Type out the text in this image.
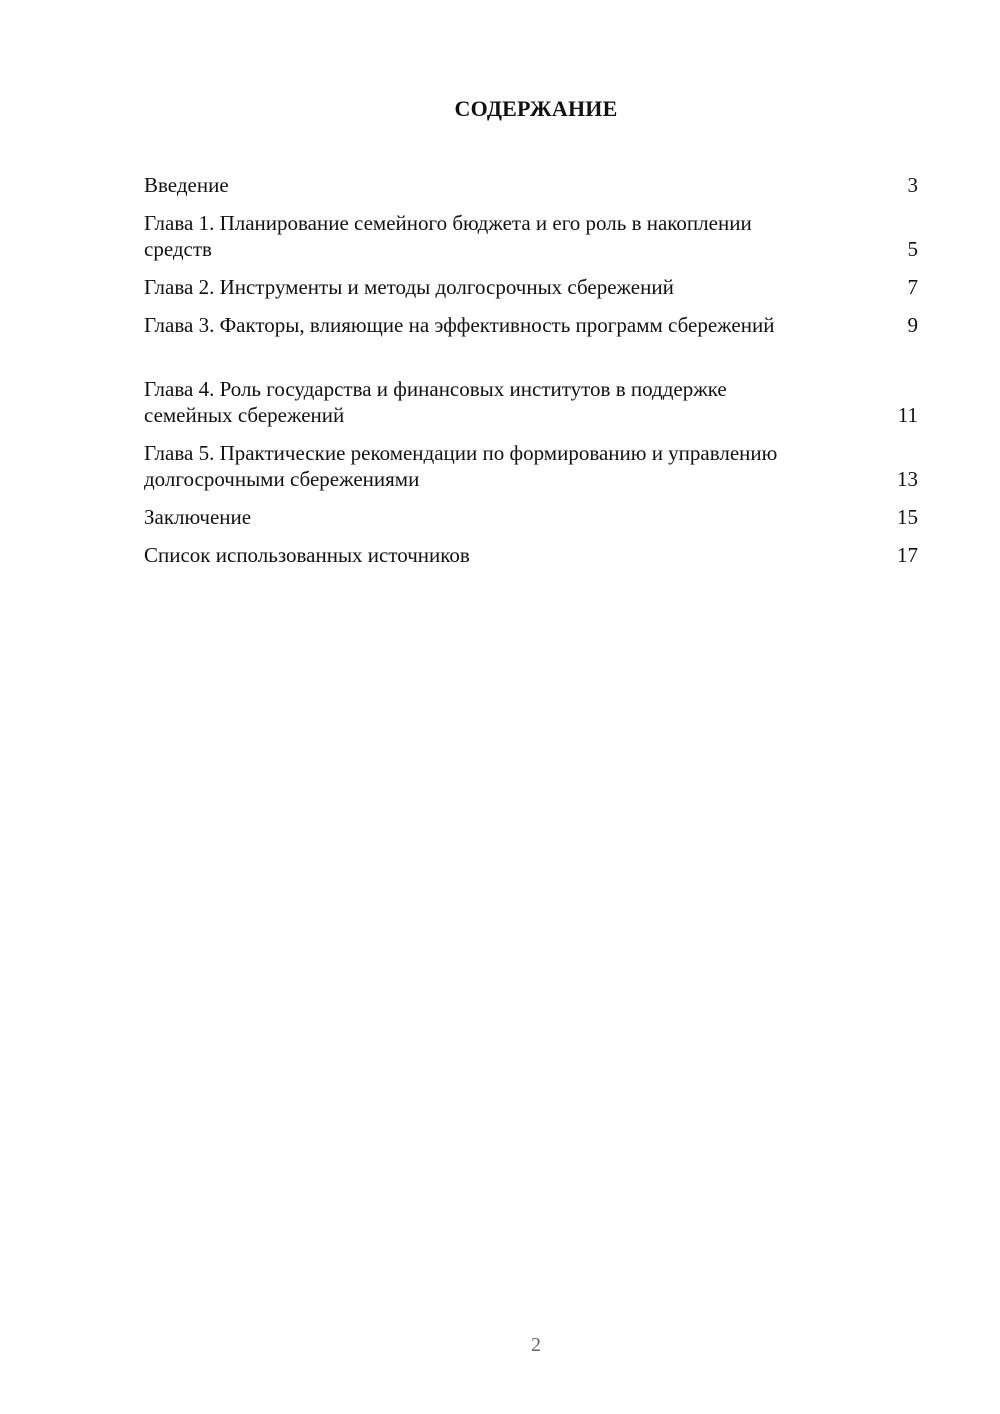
СОДЕРЖАНИЕ
Введение	3
Глава 1. Планирование семейного бюджета и его роль в накоплении средств	5
Глава 2. Инструменты и методы долгосрочных сбережений	7
Глава 3. Факторы, влияющие на эффективность программ сбережений	9
Глава 4. Роль государства и финансовых институтов в поддержке семейных сбережений	11
Глава 5. Практические рекомендации по формированию и управлению долгосрочными сбережениями	13
Заключение	15
Список использованных источников	17
2
